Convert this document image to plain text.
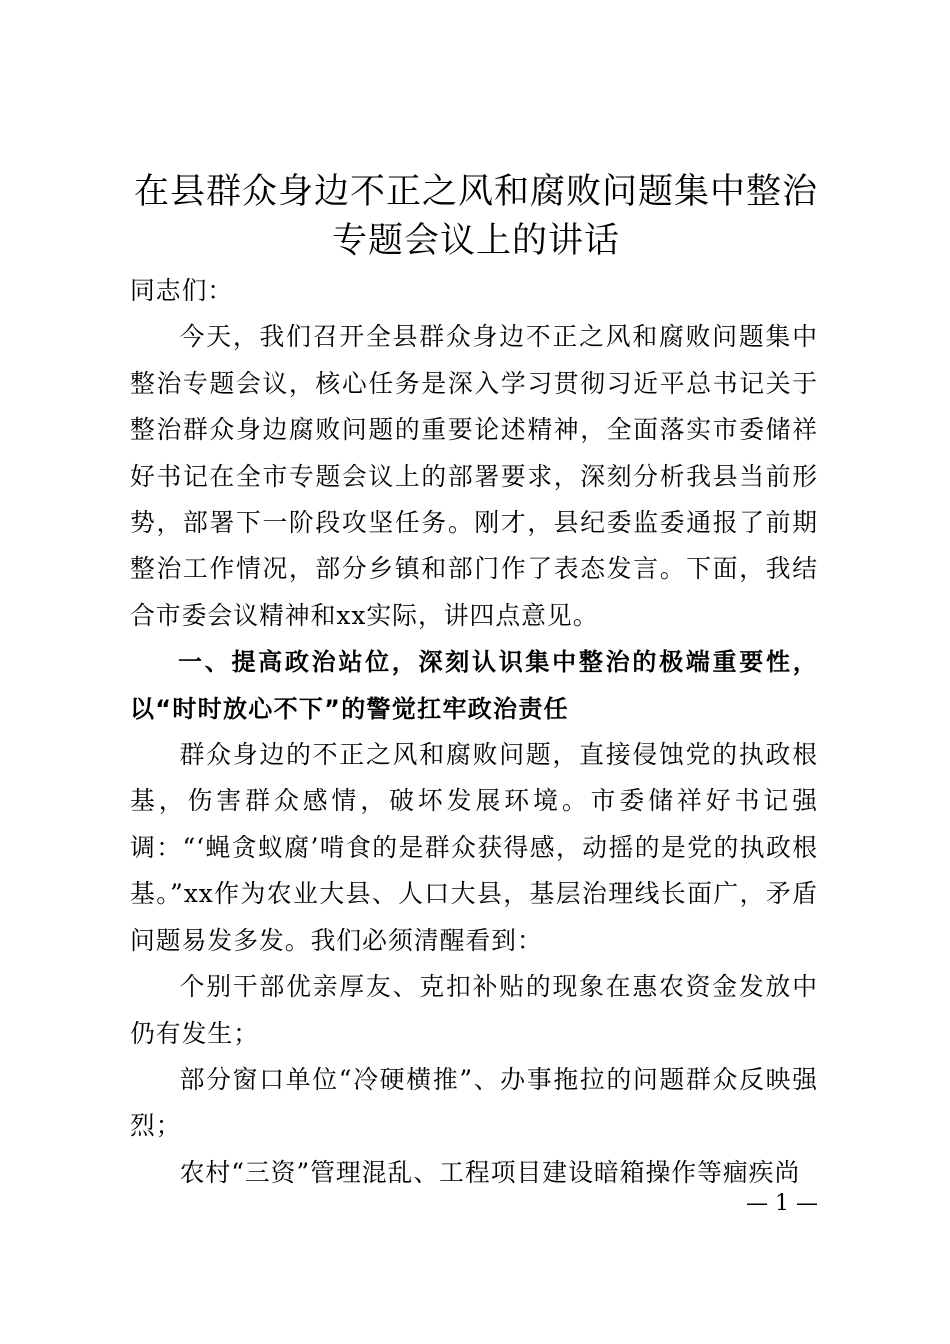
在县群众身边不正之风和腐败问题集中整治专题会议上的讲话

同志们：

今天，我们召开全县群众身边不正之风和腐败问题集中整治专题会议，核心任务是深入学习贯彻习近平总书记关于整治群众身边腐败问题的重要论述精神，全面落实市委储祥好书记在全市专题会议上的部署要求，深刻分析我县当前形势，部署下一阶段攻坚任务。刚才，县纪委监委通报了前期整治工作情况，部分乡镇和部门作了表态发言。下面，我结合市委会议精神和xx实际，讲四点意见。

一、提高政治站位，深刻认识集中整治的极端重要性，以“时时放心不下”的警觉扛牢政治责任

群众身边的不正之风和腐败问题，直接侵蚀党的执政根基，伤害群众感情，破坏发展环境。市委储祥好书记强调：“‘蝇贪蚁腐’啃食的是群众获得感，动摇的是党的执政根基。”xx作为农业大县、人口大县，基层治理线长面广，矛盾问题易发多发。我们必须清醒看到：

个别干部优亲厚友、克扣补贴的现象在惠农资金发放中仍有发生；

部分窗口单位“冷硬横推”、办事拖拉的问题群众反映强烈；

农村“三资”管理混乱、工程项目建设暗箱操作等痼疾尚

— 1 —
